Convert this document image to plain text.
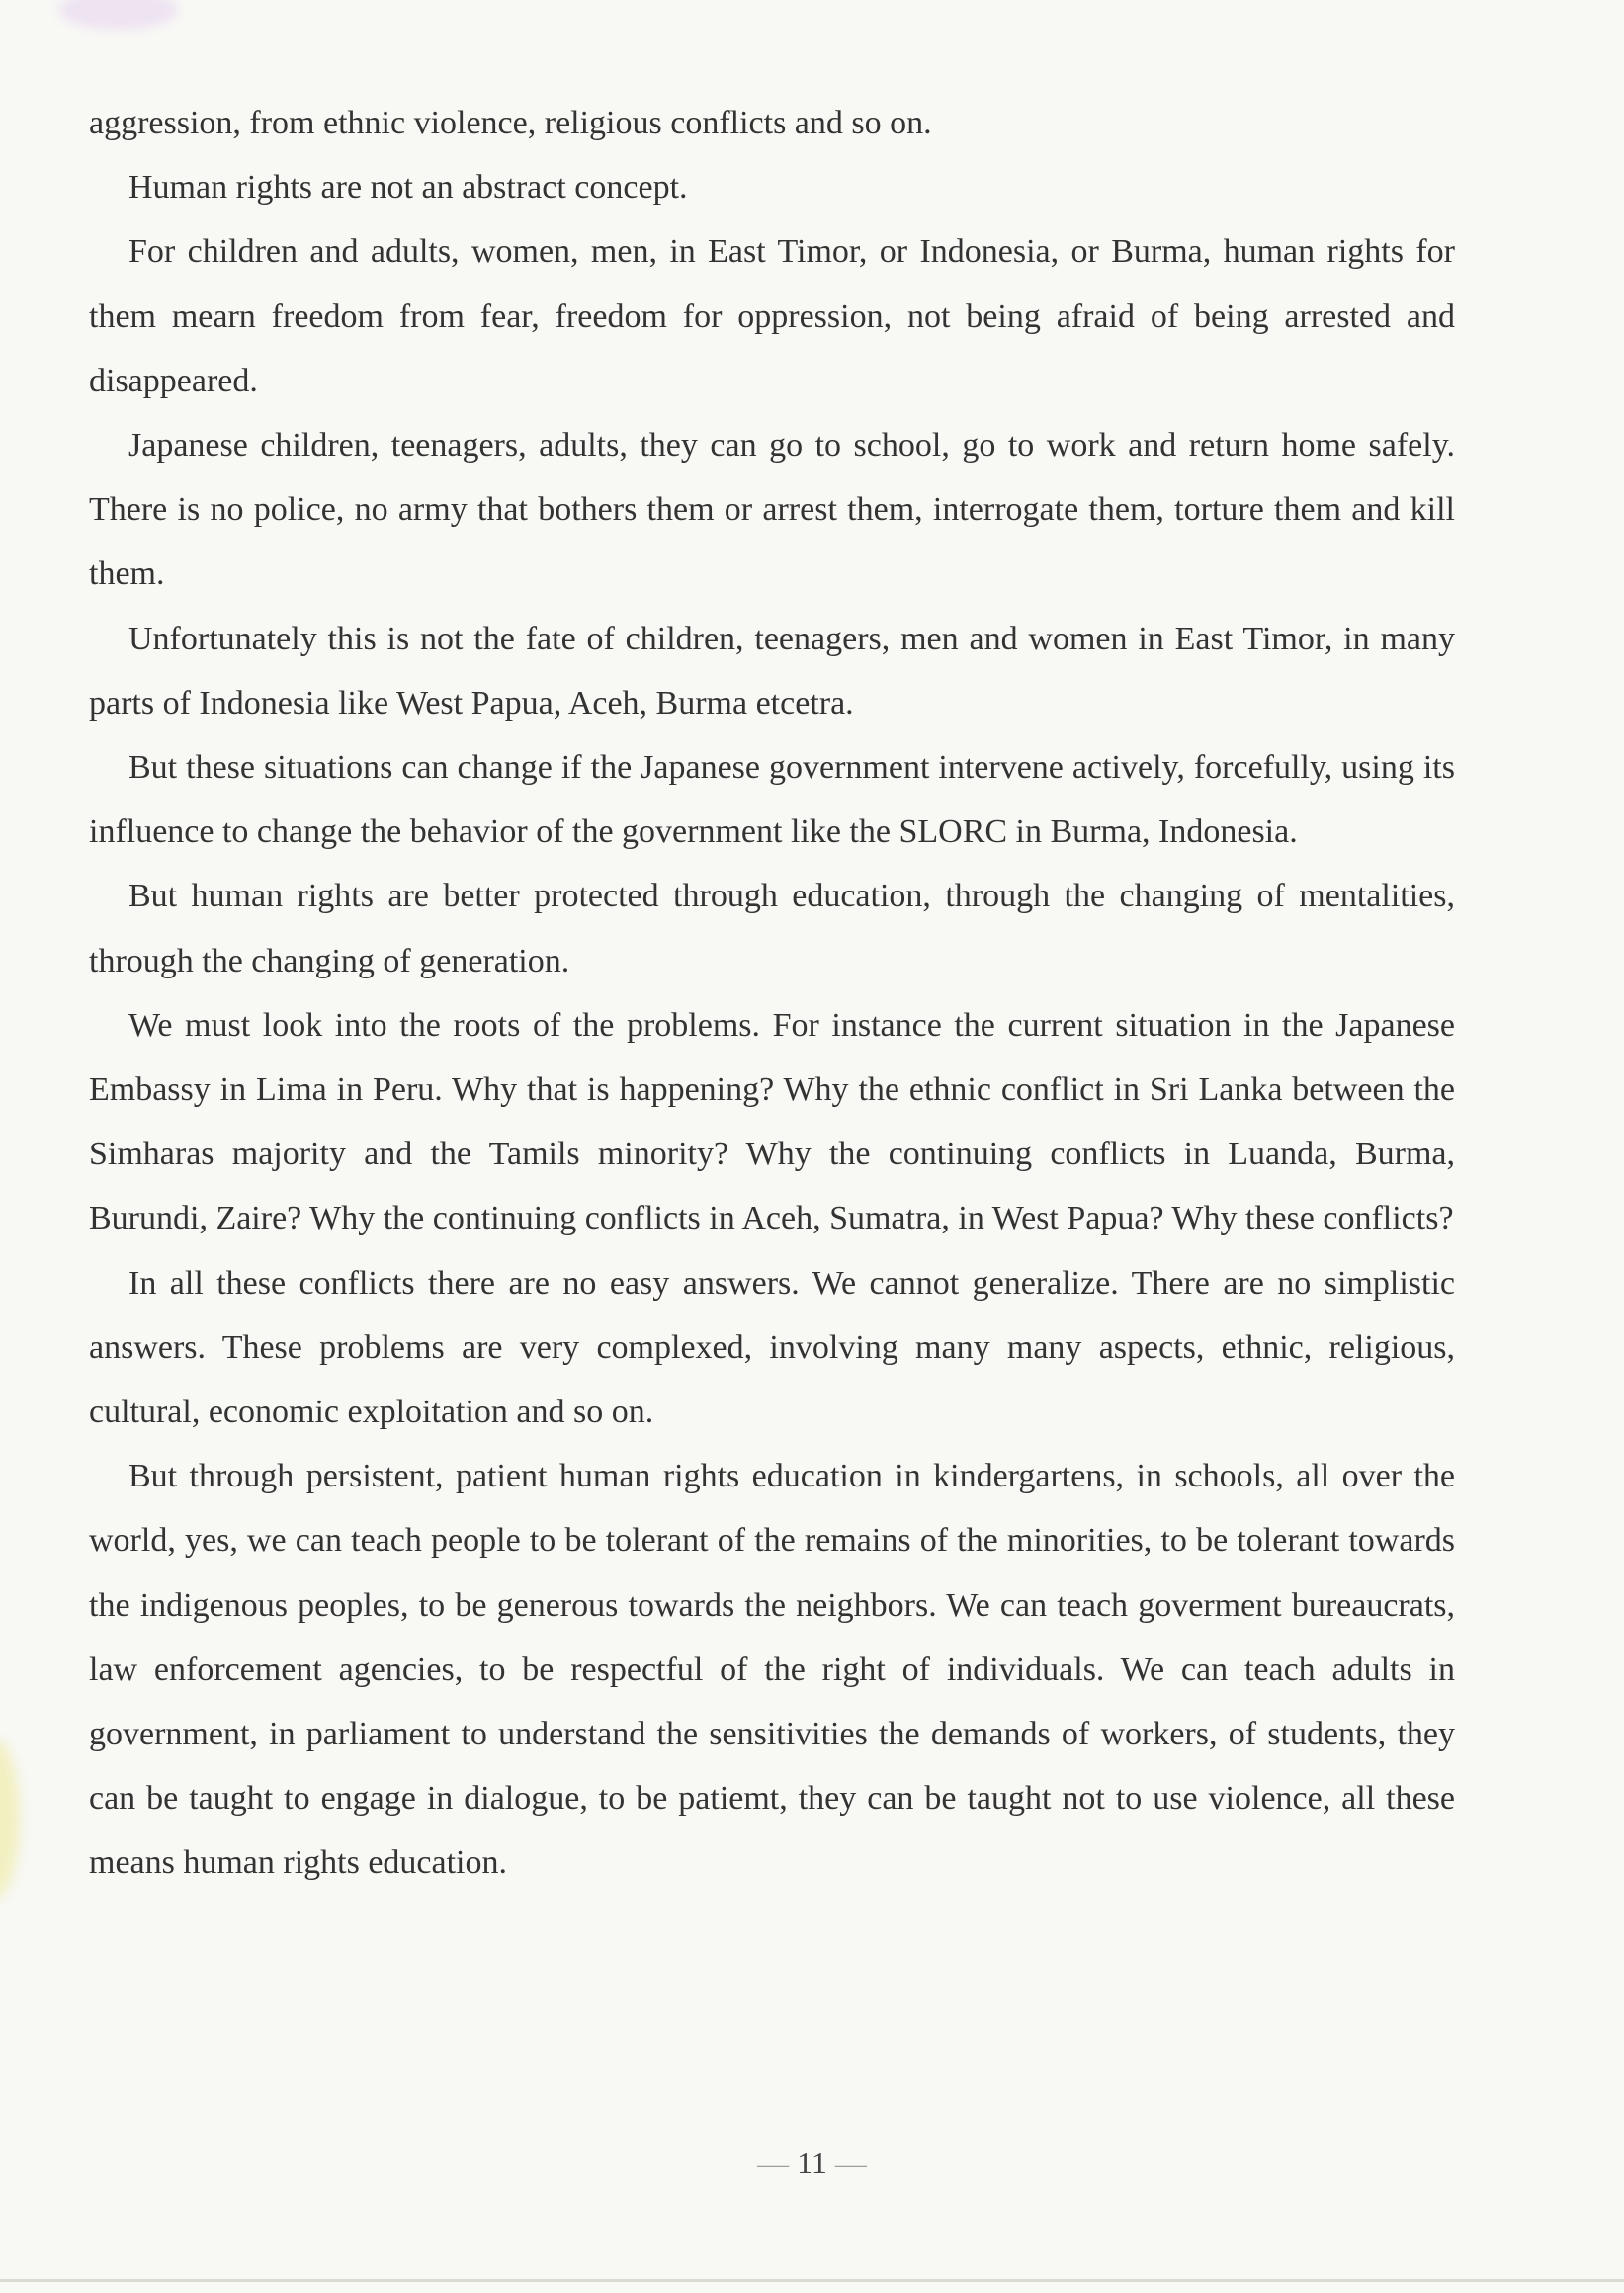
aggression, from ethnic violence, religious conflicts and so on.

Human rights are not an abstract concept.

For children and adults, women, men, in East Timor, or Indonesia, or Burma, human rights for them mearn freedom from fear, freedom for oppression, not being afraid of being arrested and disappeared.

Japanese children, teenagers, adults, they can go to school, go to work and return home safely. There is no police, no army that bothers them or arrest them, interrogate them, torture them and kill them.

Unfortunately this is not the fate of children, teenagers, men and women in East Timor, in many parts of Indonesia like West Papua, Aceh, Burma etcetra.

But these situations can change if the Japanese government intervene actively, forcefully, using its influence to change the behavior of the government like the SLORC in Burma, Indonesia.

But human rights are better protected through education, through the changing of mentalities, through the changing of generation.

We must look into the roots of the problems. For instance the current situation in the Japanese Embassy in Lima in Peru. Why that is happening? Why the ethnic conflict in Sri Lanka between the Simharas majority and the Tamils minority? Why the continuing conflicts in Luanda, Burma, Burundi, Zaire? Why the continuing conflicts in Aceh, Sumatra, in West Papua? Why these conflicts?

In all these conflicts there are no easy answers. We cannot generalize. There are no simplistic answers. These problems are very complexed, involving many many aspects, ethnic, religious, cultural, economic exploitation and so on.

But through persistent, patient human rights education in kindergartens, in schools, all over the world, yes, we can teach people to be tolerant of the remains of the minorities, to be tolerant towards the indigenous peoples, to be generous towards the neighbors. We can teach goverment bureaucrats, law enforcement agencies, to be respectful of the right of individuals. We can teach adults in government, in parliament to understand the sensitivities the demands of workers, of students, they can be taught to engage in dialogue, to be patiemt, they can be taught not to use violence, all these means human rights education.

— 11 —
